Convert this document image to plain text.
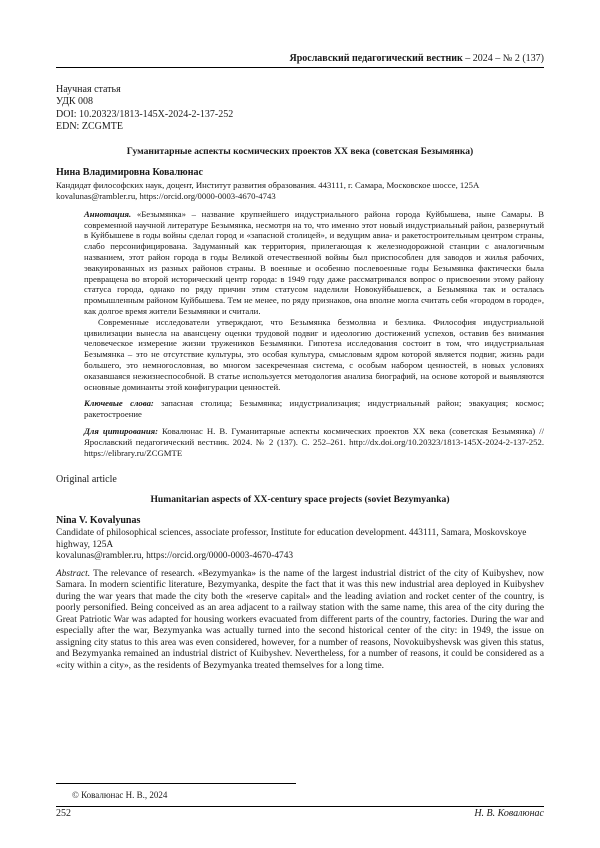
Ярославский педагогический вестник – 2024 – № 2 (137)
Научная статья
УДК 008
DOI: 10.20323/1813-145X-2024-2-137-252
EDN: ZCGMTE
Гуманитарные аспекты космических проектов XX века (советская Безымянка)
Нина Владимировна Ковалюнас
Кандидат философских наук, доцент, Институт развития образования. 443111, г. Самара, Московское шоссе, 125А
kovalunas@rambler.ru, https://orcid.org/0000-0003-4670-4743

Аннотация. «Безымянка» – название крупнейшего индустриального района города Куйбышева, ныне Самары. В современной научной литературе Безымянка, несмотря на то, что именно этот новый индустриальный район, развернутый в Куйбышеве в годы войны сделал город и «запасной столицей», и ведущим авиа- и ракетостроительным центром страны, слабо персонифицирована. Задуманный как территория, прилегающая к железнодорожной станции с аналогичным названием, этот район города в годы Великой отечественной войны был приспособлен для заводов и жилья рабочих, эвакуированных из разных районов страны. В военные и особенно послевоенные годы Безымянка фактически была превращена во второй исторический центр города: в 1949 году даже рассматривался вопрос о присвоении этому району статуса города, однако по ряду причин этим статусом наделили Новокуйбышевск, а Безымянка так и осталась промышленным районом Куйбышева. Тем не менее, по ряду признаков, она вполне могла считать себя «городом в городе», как долгое время жители Безымянки и считали.

Современные исследователи утверждают, что Безымянка безмолвна и безлика. Философия индустриальной цивилизации вынесла на авансцену оценки трудовой подвиг и идеологию достижений успехов, оставив без внимания человеческое измерение жизни тружеников Безымянки. Гипотеза исследования состоит в том, что индустриальная Безымянка – это не отсутствие культуры, это особая культура, смысловым ядром которой является подвиг, жизнь ради большего, это немногословная, во многом засекреченная система, с особым набором ценностей, в новых условиях оказавшаяся нежизнеспособной. В статье используется методология анализа биографий, на основе которой и выявляются основные доминанты этой конфигурации ценностей.

Ключевые слова: запасная столица; Безымянка; индустриализация; индустриальный район; эвакуация; космос; ракетостроение
Для цитирования: Ковалюнас Н. В. Гуманитарные аспекты космических проектов XX века (советская Безымянка) // Ярославский педагогический вестник. 2024. № 2 (137). С. 252–261. http://dx.doi.org/10.20323/1813-145X-2024-2-137-252. https://elibrary.ru/ZCGMTE
Original article
Humanitarian aspects of XX-century space projects (soviet Bezymyanka)
Nina V. Kovalyunas
Candidate of philosophical sciences, associate professor, Institute for education development. 443111, Samara, Moskovskoye highway, 125A
kovalunas@rambler.ru, https://orcid.org/0000-0003-4670-4743
Abstract. The relevance of research. «Bezymyanka» is the name of the largest industrial district of the city of Kuibyshev, now Samara. In modern scientific literature, Bezymyanka, despite the fact that it was this new industrial area deployed in Kuibyshev during the war years that made the city both the «reserve capital» and the leading aviation and rocket center of the country, is poorly personified. Being conceived as an area adjacent to a railway station with the same name, this area of the city during the Great Patriotic War was adapted for housing workers evacuated from different parts of the country, factories. During the war and especially after the war, Bezymyanka was actually turned into the second historical center of the city: in 1949, the issue on assigning city status to this area was even considered, however, for a number of reasons, Novokuibyshevsk was given this status, and Bezymyanka remained an industrial district of Kuibyshev. Nevertheless, for a number of reasons, it could be considered as a «city within a city», as the residents of Bezymyanka treated themselves for a long time.
© Ковалюнас Н. В., 2024
252	Н. В. Ковалюнас
